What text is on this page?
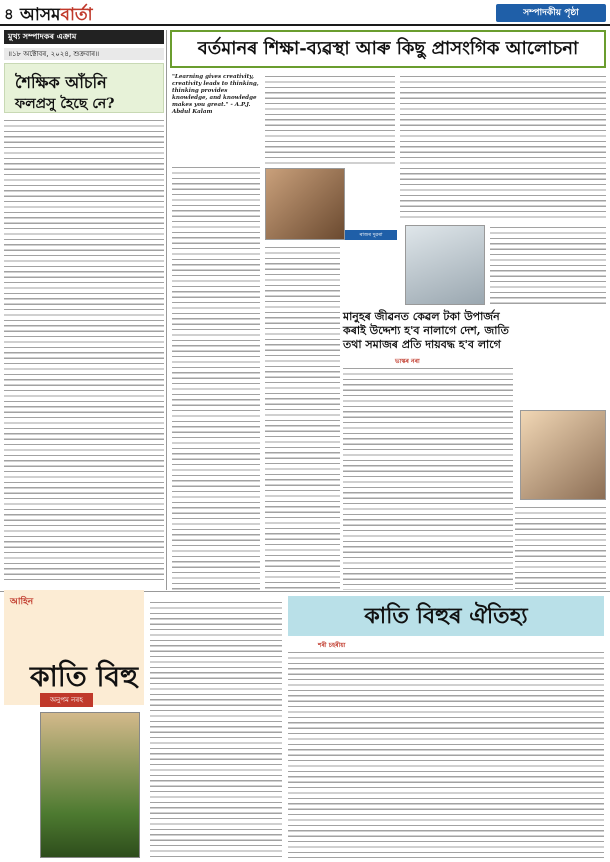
৪ আসমবার্তা	সম্পাদকীয় পৃষ্ঠা
মুখ্য সম্পাদকৰ এক্ৰাম
॥১৮ অক্টোবৰ, ২০২৪, শুক্ৰবাৰ॥
শৈক্ষিক আঁচনি
ফলপ্ৰসু হৈছে নে?
বৰ্তমানৰ শিক্ষা-ব্যৱস্থা আৰু কিছু প্ৰাসংগিক আলোচনা
"Learning gives creativity, creativity leads to thinking, thinking provides knowledge, and knowledge makes you great." - A.P.J. Abdul Kalam
ৰাজৰ দুৱৰা
মানুহৰ জীৱনত কেৱল টকা উপাৰ্জন কৰাই উদ্দেশ্য হ'ব নালাগে দেশ, জাতি তথা সমাজৰ প্ৰতি দায়বদ্ধ হ'ব লাগে
ভাস্কৰ নৰা
আহিন
কাতি বিহু
অনুপম নৰহ
কাতি বিহুৰ ঐতিহ্য
শৰী চহৰীয়া
